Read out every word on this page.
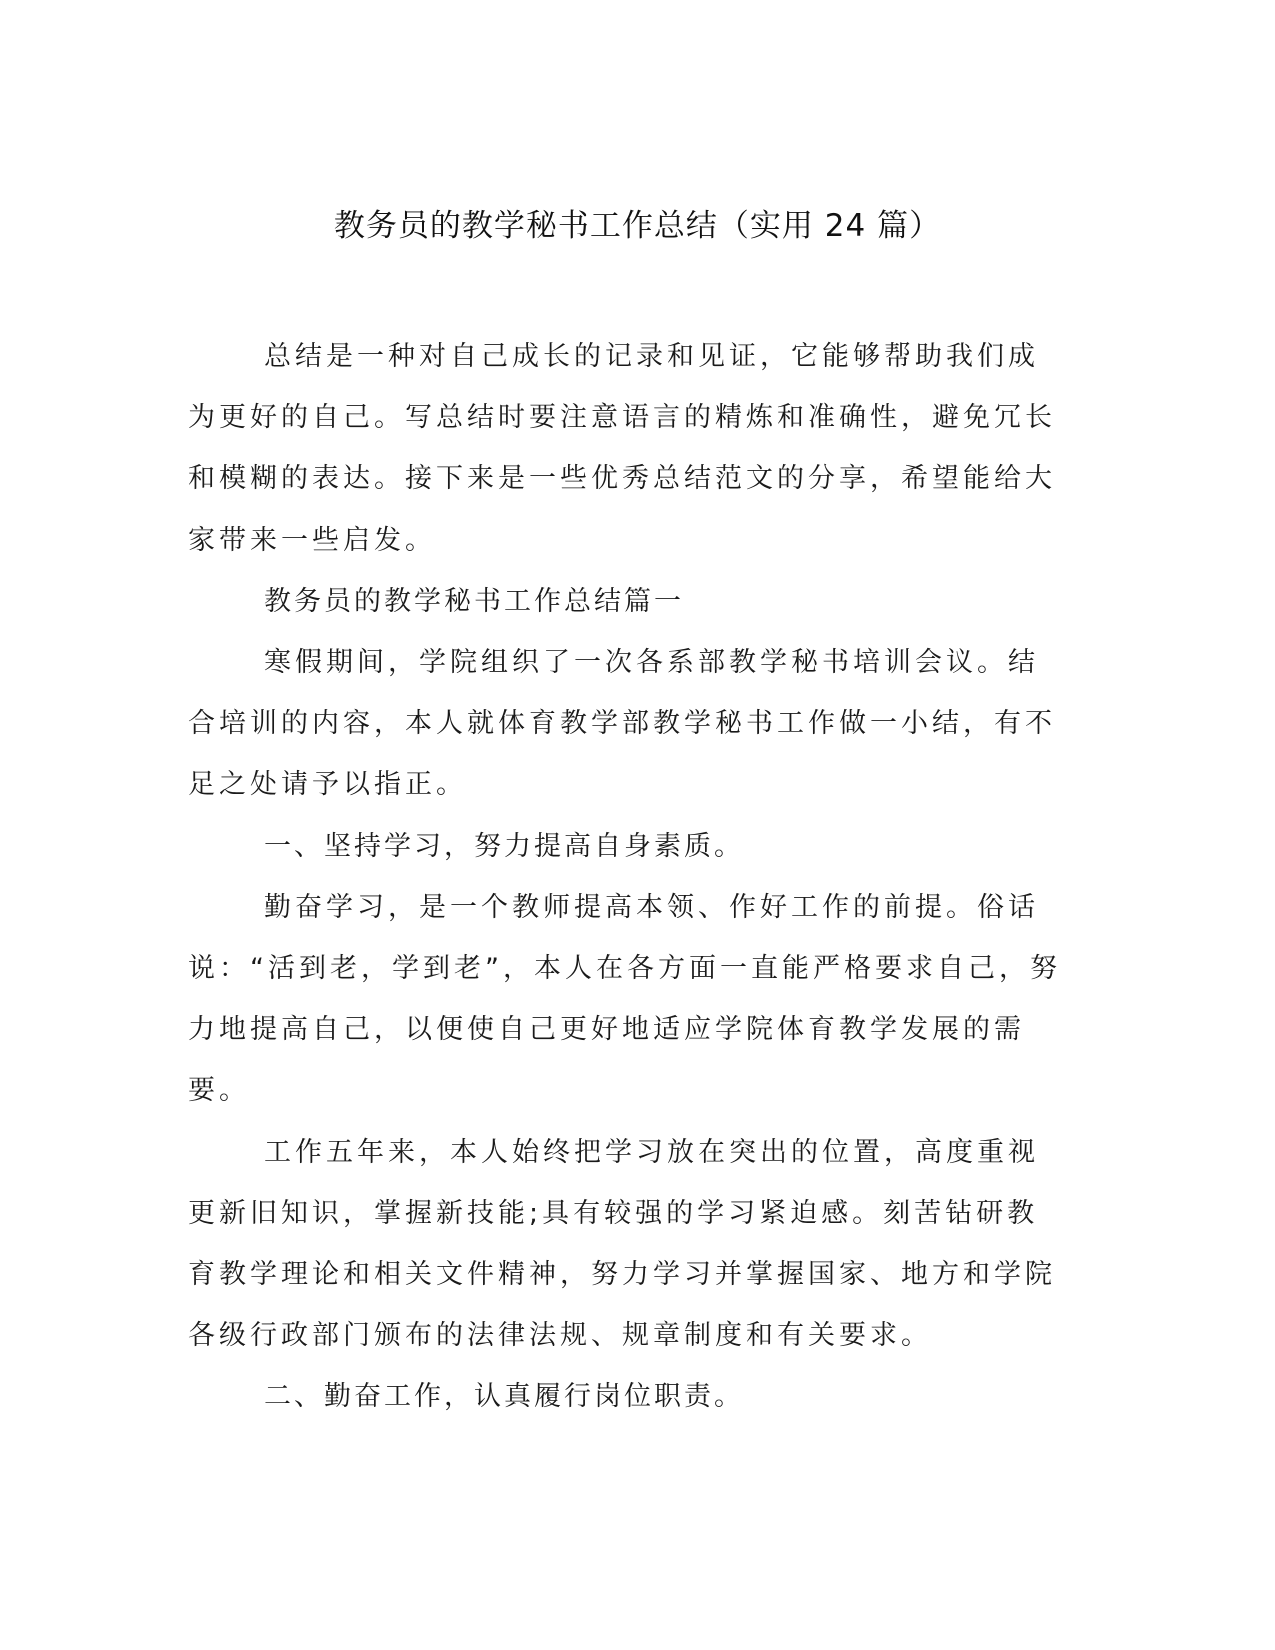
教务员的教学秘书工作总结（实用 24 篇）

总结是一种对自己成长的记录和见证，它能够帮助我们成为更好的自己。写总结时要注意语言的精炼和准确性，避免冗长和模糊的表达。接下来是一些优秀总结范文的分享，希望能给大家带来一些启发。

教务员的教学秘书工作总结篇一

寒假期间，学院组织了一次各系部教学秘书培训会议。结合培训的内容，本人就体育教学部教学秘书工作做一小结，有不足之处请予以指正。

一、坚持学习，努力提高自身素质。

勤奋学习，是一个教师提高本领、作好工作的前提。俗话说：“活到老，学到老”，本人在各方面一直能严格要求自己，努力地提高自己，以便使自己更好地适应学院体育教学发展的需要。

工作五年来，本人始终把学习放在突出的位置，高度重视更新旧知识，掌握新技能;具有较强的学习紧迫感。刻苦钻研教育教学理论和相关文件精神，努力学习并掌握国家、地方和学院各级行政部门颁布的法律法规、规章制度和有关要求。

二、勤奋工作，认真履行岗位职责。
